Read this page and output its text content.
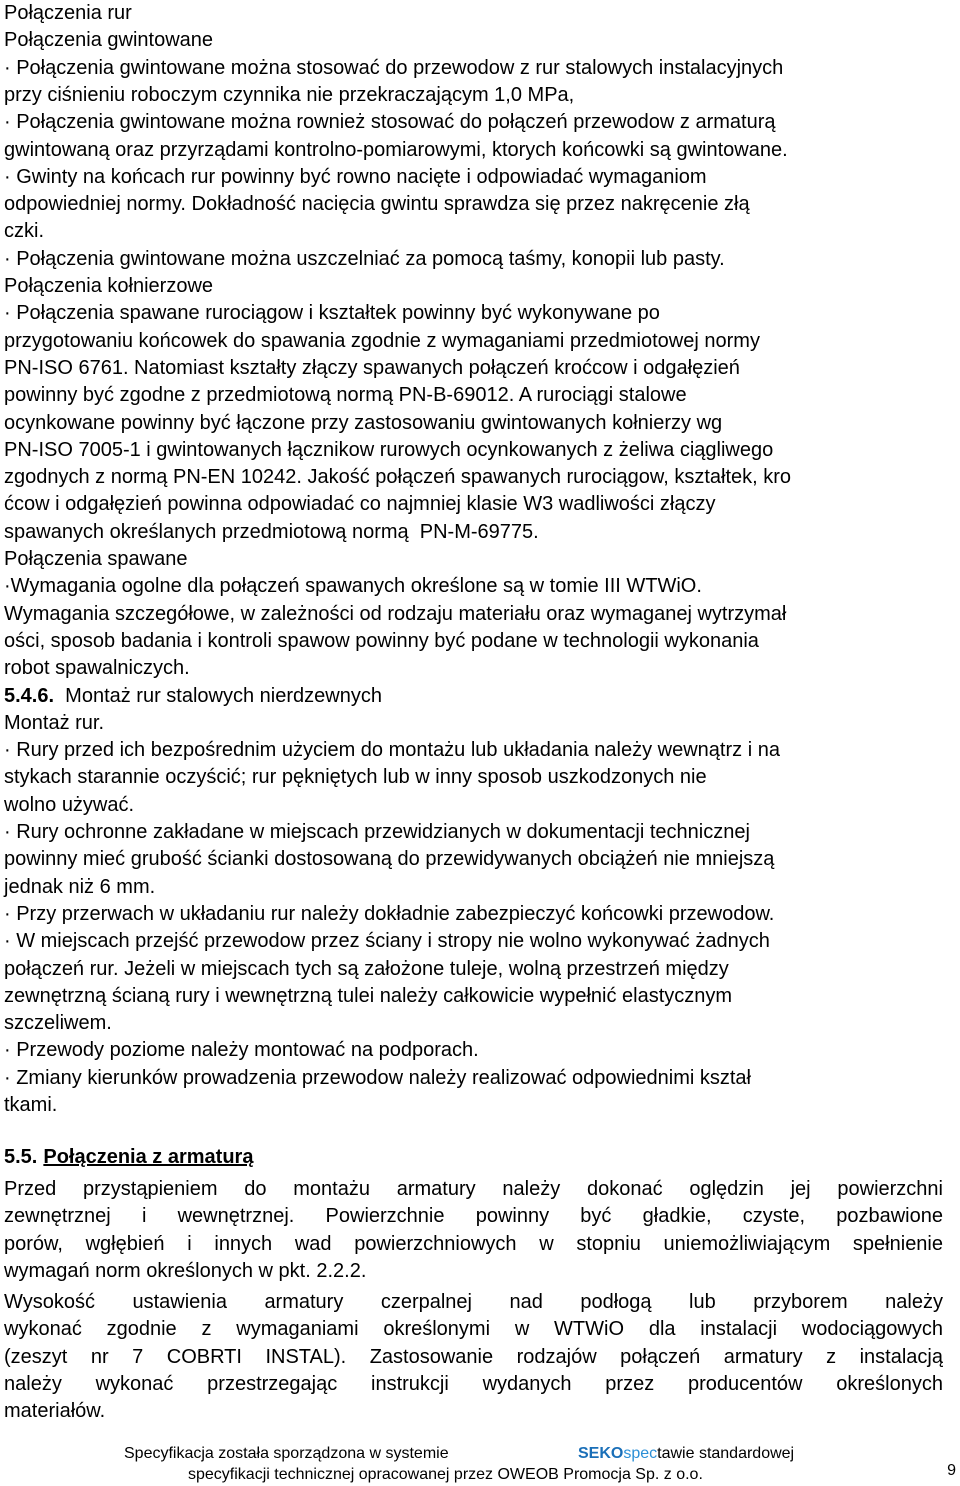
Połączenia rur
Połączenia gwintowane
· Połączenia gwintowane można stosować do przewodow z rur stalowych instalacyjnych
przy ciśnieniu roboczym czynnika nie przekraczającym 1,0 MPa,
· Połączenia gwintowane można rownież stosować do połączeń przewodow z armaturą
gwintowaną oraz przyrządami kontrolno-pomiarowymi, ktorych końcowki są gwintowane.
· Gwinty na końcach rur powinny być rowno nacięte i odpowiadać wymaganiom
odpowiedniej normy. Dokładność nacięcia gwintu sprawdza się przez nakręcenie złą
czki.
· Połączenia gwintowane można uszczelniać za pomocą taśmy, konopii lub pasty.
Połączenia kołnierzowe
· Połączenia spawane rurociągow i kształtek powinny być wykonywane po
przygotowaniu końcowek do spawania zgodnie z wymaganiami przedmiotowej normy
PN-ISO 6761. Natomiast kształty złączy spawanych połączeń kroćcow i odgałęzień
powinny być zgodne z przedmiotową normą PN-B-69012. A rurociągi stalowe
ocynkowane powinny być łączone przy zastosowaniu gwintowanych kołnierzy wg
PN-ISO 7005-1 i gwintowanych łącznikow rurowych ocynkowanych z żeliwa ciągliwego
zgodnych z normą PN-EN 10242. Jakość połączeń spawanych rurociągow, kształtek, kro
ćcow i odgałęzień powinna odpowiadać co najmniej klasie W3 wadliwości złączy
spawanych określanych przedmiotową normą  PN-M-69775.
Połączenia spawane
·Wymagania ogolne dla połączeń spawanych określone są w tomie III WTWiO.
Wymagania szczegółowe, w zależności od rodzaju materiału oraz wymaganej wytrzymał
ości, sposob badania i kontroli spawow powinny być podane w technologii wykonania
robot spawalniczych.
5.4.6.  Montaż rur stalowych nierdzewnych
Montaż rur.
· Rury przed ich bezpośrednim użyciem do montażu lub układania należy wewnątrz i na
stykach starannie oczyścić; rur pękniętych lub w inny sposob uszkodzonych nie
wolno używać.
· Rury ochronne zakładane w miejscach przewidzianych w dokumentacji technicznej
powinny mieć grubość ścianki dostosowaną do przewidywanych obciążeń nie mniejszą
jednak niż 6 mm.
· Przy przerwach w układaniu rur należy dokładnie zabezpieczyć końcowki przewodow.
· W miejscach przejść przewodow przez ściany i stropy nie wolno wykonywać żadnych
połączeń rur. Jeżeli w miejscach tych są założone tuleje, wolną przestrzeń między
zewnętrzną ścianą rury i wewnętrzną tulei należy całkowicie wypełnić elastycznym
szczeliwem.
· Przewody poziome należy montować na podporach.
· Zmiany kierunków prowadzenia przewodow należy realizować odpowiednimi kształ
tkami.
5.5. Połączenia z armaturą
Przed przystąpieniem do montażu armatury należy dokonać oględzin jej powierzchni
zewnętrznej i wewnętrznej. Powierzchnie powinny być gładkie, czyste, pozbawione
porów, wgłębień i innych wad powierzchniowych w stopniu uniemożliwiającym spełnienie
wymagań norm określonych w pkt. 2.2.2.
Wysokość ustawienia armatury czerpalnej nad podłogą lub przyborem należy
wykonać zgodnie z wymaganiami określonymi w WTWiO dla instalacji wodociągowych
(zeszyt nr 7 COBRTI INSTAL). Zastosowanie rodzajów połączeń armatury z instalacją
należy wykonać przestrzegając instrukcji wydanych przez producentów określonych
materiałów.
Specyfikacja została sporządzona w systemie	SEKOspectawie standardowej
specyfikacji technicznej opracowanej przez OWEOB Promocja Sp. z o.o.	9
